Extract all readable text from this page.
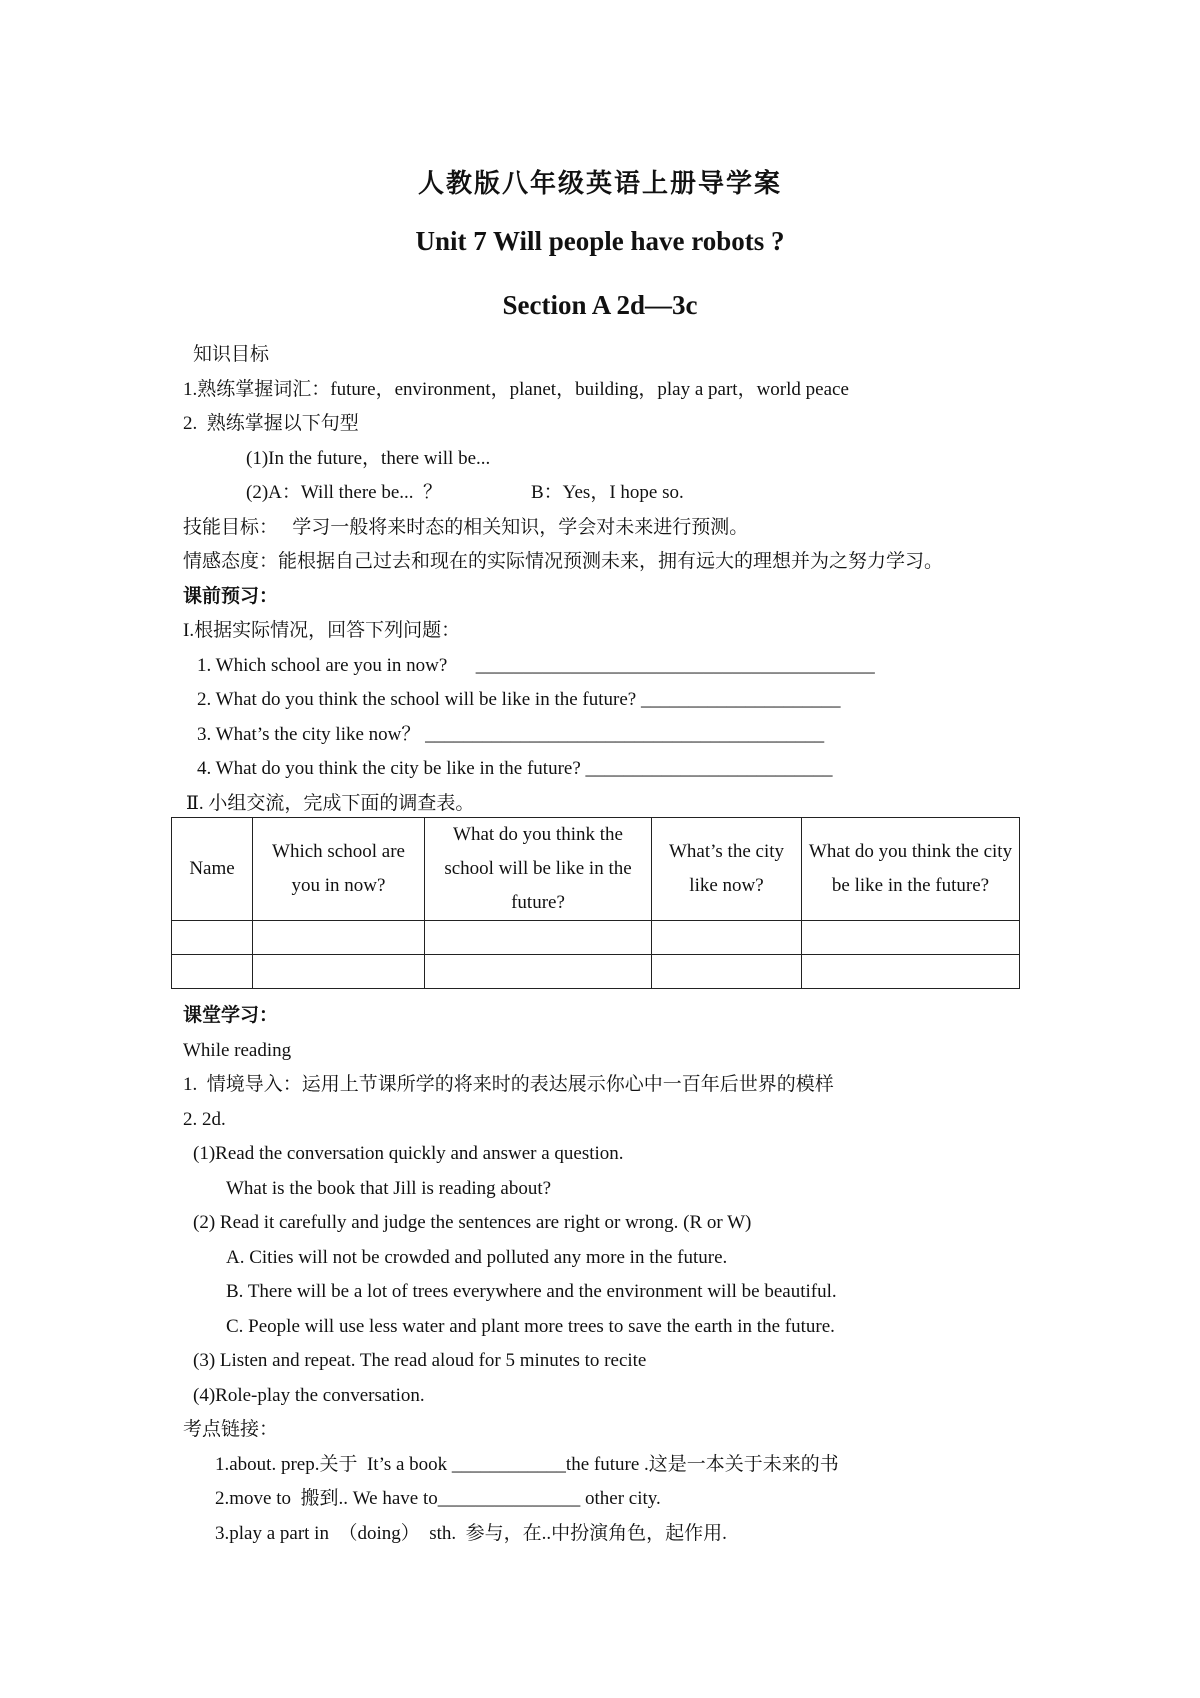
人教版八年级英语上册导学案
Unit 7 Will people have robots ?
Section A 2d—3c
知识目标
1.熟练掌握词汇：future，environment，planet，building，play a part，world peace
2.  熟练掌握以下句型
(1)In the future，there will be...
(2)A：Will there be...  ？	B：Yes，I hope so.
技能目标：   学习一般将来时态的相关知识，学会对未来进行预测。
情感态度：能根据自己过去和现在的实际情况预测未来，拥有远大的理想并为之努力学习。
课前预习：
I.根据实际情况，回答下列问题：
1. Which school are you in now?      __________________________________________
2. What do you think the school will be like in the future? _____________________
3. What’s the city like now？ __________________________________________
4. What do you think the city be like in the future? __________________________
Ⅱ. 小组交流，完成下面的调查表。
Name	Which school are you in now?	What do you think the school will be like in the future?	What’s the city like now?	What do you think the city be like in the future?

课堂学习：
While reading
1.  情境导入：运用上节课所学的将来时的表达展示你心中一百年后世界的模样
2. 2d.
(1)Read the conversation quickly and answer a question.
What is the book that Jill is reading about?
(2) Read it carefully and judge the sentences are right or wrong. (R or W)
A. Cities will not be crowded and polluted any more in the future.
B. There will be a lot of trees everywhere and the environment will be beautiful.
C. People will use less water and plant more trees to save the earth in the future.
(3) Listen and repeat. The read aloud for 5 minutes to recite
(4)Role-play the conversation.
考点链接：
1.about. prep.关于  It’s a book ____________the future .这是一本关于未来的书
2.move to  搬到.. We have to_______________ other city.
3.play a part in  （doing）  sth.  参与，在..中扮演角色，起作用.
